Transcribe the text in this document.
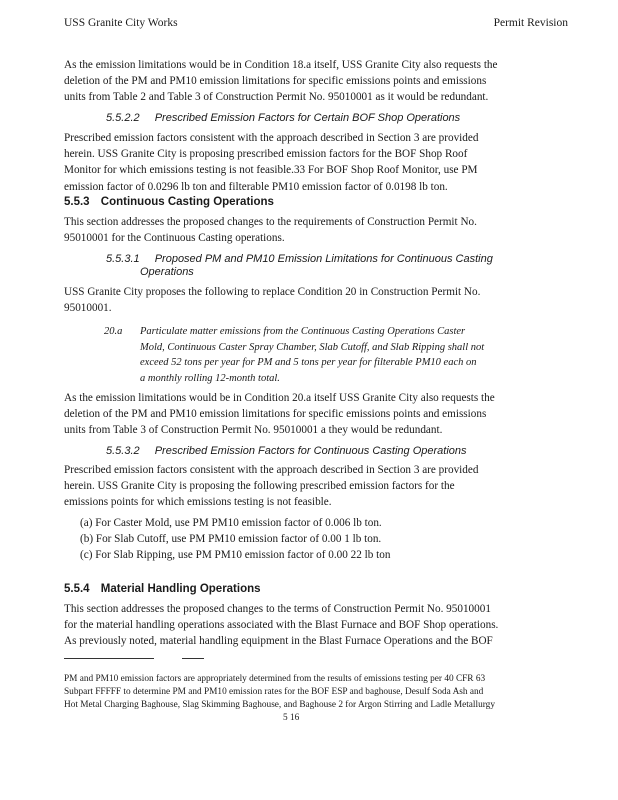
USS Granite City Works	Permit Revision
As the emission limitations would be in Condition 18.a itself, USS Granite City also requests the
deletion of the PM and PM10 emission limitations for specific emissions points and emissions
units from Table 2 and Table 3 of Construction Permit No. 95010001 as it would be redundant.
5.5.2.2 Prescribed Emission Factors for Certain BOF Shop Operations
Prescribed emission factors consistent with the approach described in Section 3 are provided
herein. USS Granite City is proposing prescribed emission factors for the BOF Shop Roof
Monitor for which emissions testing is not feasible.33 For BOF Shop Roof Monitor, use PM
emission factor of 0.0296 lb ton and filterable PM10 emission factor of 0.0198 lb ton.
5.5.3 Continuous Casting Operations
This section addresses the proposed changes to the requirements of Construction Permit No.
95010001 for the Continuous Casting operations.
5.5.3.1 Proposed PM and PM10 Emission Limitations for Continuous Casting
Operations
USS Granite City proposes the following to replace Condition 20 in Construction Permit No.
95010001.
20.a Particulate matter emissions from the Continuous Casting Operations Caster
Mold, Continuous Caster Spray Chamber, Slab Cutoff, and Slab Ripping shall not
exceed 52 tons per year for PM and 5 tons per year for filterable PM10 each on
a monthly rolling 12-month total.
As the emission limitations would be in Condition 20.a itself USS Granite City also requests the
deletion of the PM and PM10 emission limitations for specific emissions points and emissions
units from Table 3 of Construction Permit No. 95010001 a they would be redundant.
5.5.3.2 Prescribed Emission Factors for Continuous Casting Operations
Prescribed emission factors consistent with the approach described in Section 3 are provided
herein. USS Granite City is proposing the following prescribed emission factors for the
emissions points for which emissions testing is not feasible.
(a) For Caster Mold, use PM PM10 emission factor of 0.006 lb ton.
(b) For Slab Cutoff, use PM PM10 emission factor of 0.00 1 lb ton.
(c) For Slab Ripping, use PM PM10 emission factor of 0.00 22 lb ton
5.5.4 Material Handling Operations
This section addresses the proposed changes to the terms of Construction Permit No. 95010001
for the material handling operations associated with the Blast Furnace and BOF Shop operations.
As previously noted, material handling equipment in the Blast Furnace Operations and the BOF
PM and PM10 emission factors are appropriately determined from the results of emissions testing per 40 CFR 63
Subpart FFFFF to determine PM and PM10 emission rates for the BOF ESP and baghouse, Desulf Soda Ash and
Hot Metal Charging Baghouse, Slag Skimming Baghouse, and Baghouse 2 for Argon Stirring and Ladle Metallurgy
5 16
